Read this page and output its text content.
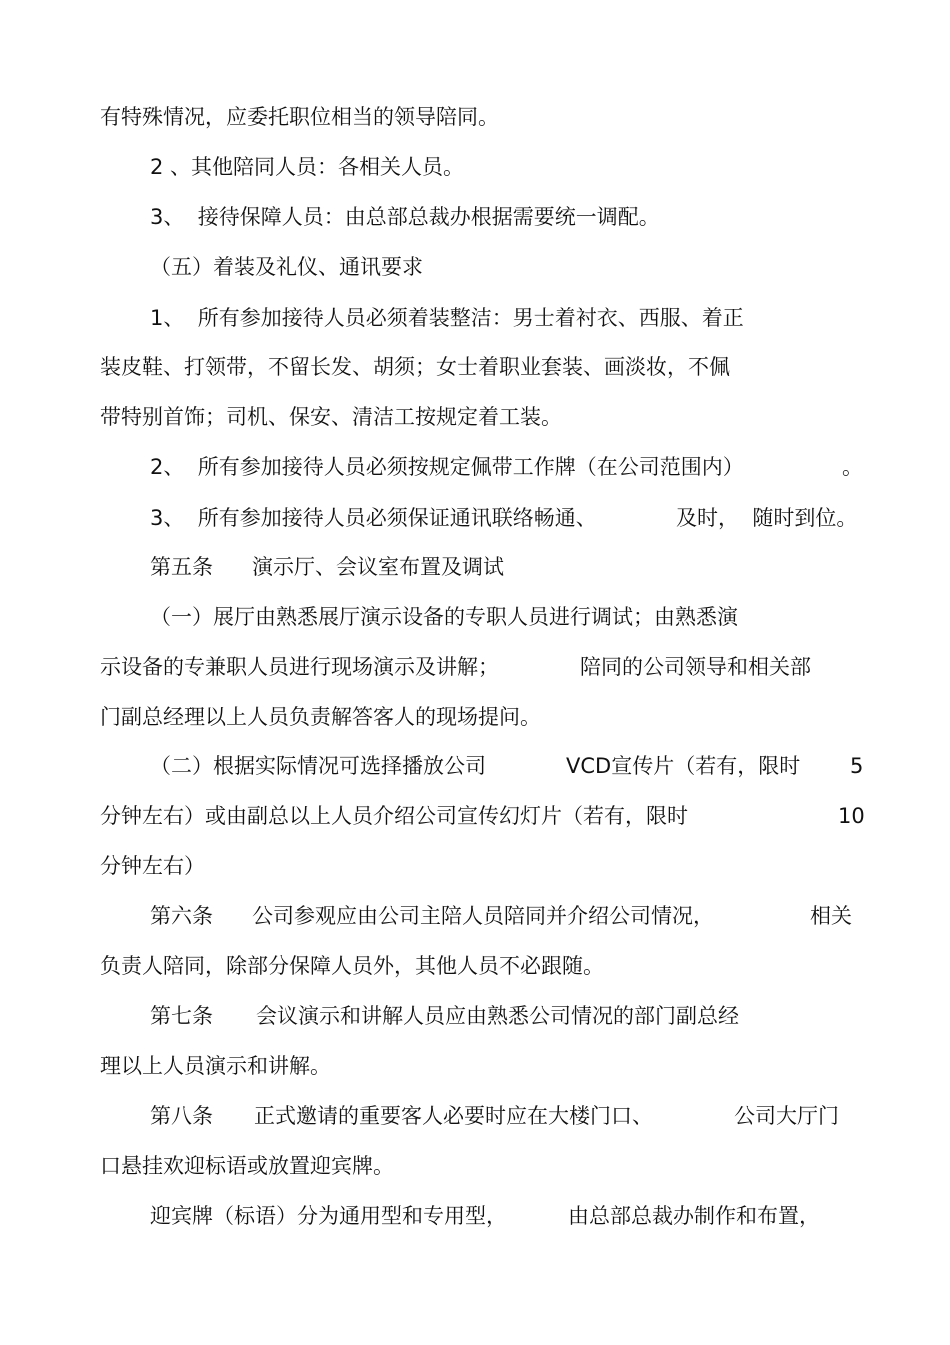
有特殊情况，应委托职位相当的领导陪同。
2 、其他陪同人员：各相关人员。
3、  接待保障人员：由总部总裁办根据需要统一调配。
（五）着装及礼仪、通讯要求
1、  所有参加接待人员必须着装整洁：男士着衬衣、西服、着正
装皮鞋、打领带，不留长发、胡须；女士着职业套装、画淡妆，不佩
带特别首饰；司机、保安、清洁工按规定着工装。
2、  所有参加接待人员必须按规定佩带工作牌（在公司范围内）	。
3、  所有参加接待人员必须保证通讯联络畅通、	及时，  随时到位。
第五条 演示厅、会议室布置及调试
（一）展厅由熟悉展厅演示设备的专职人员进行调试；由熟悉演
示设备的专兼职人员进行现场演示及讲解；	陪同的公司领导和相关部
门副总经理以上人员负责解答客人的现场提问。
（二）根据实际情况可选择播放公司	VCD宣传片（若有，限时 5
分钟左右）或由副总以上人员介绍公司宣传幻灯片（若有，限时	10
分钟左右）
第六条 公司参观应由公司主陪人员陪同并介绍公司情况，	相关
负责人陪同，除部分保障人员外，其他人员不必跟随。
第七条 会议演示和讲解人员应由熟悉公司情况的部门副总经
理以上人员演示和讲解。
第八条 正式邀请的重要客人必要时应在大楼门口、	公司大厅门
口悬挂欢迎标语或放置迎宾牌。
迎宾牌（标语）分为通用型和专用型，	由总部总裁办制作和布置，
